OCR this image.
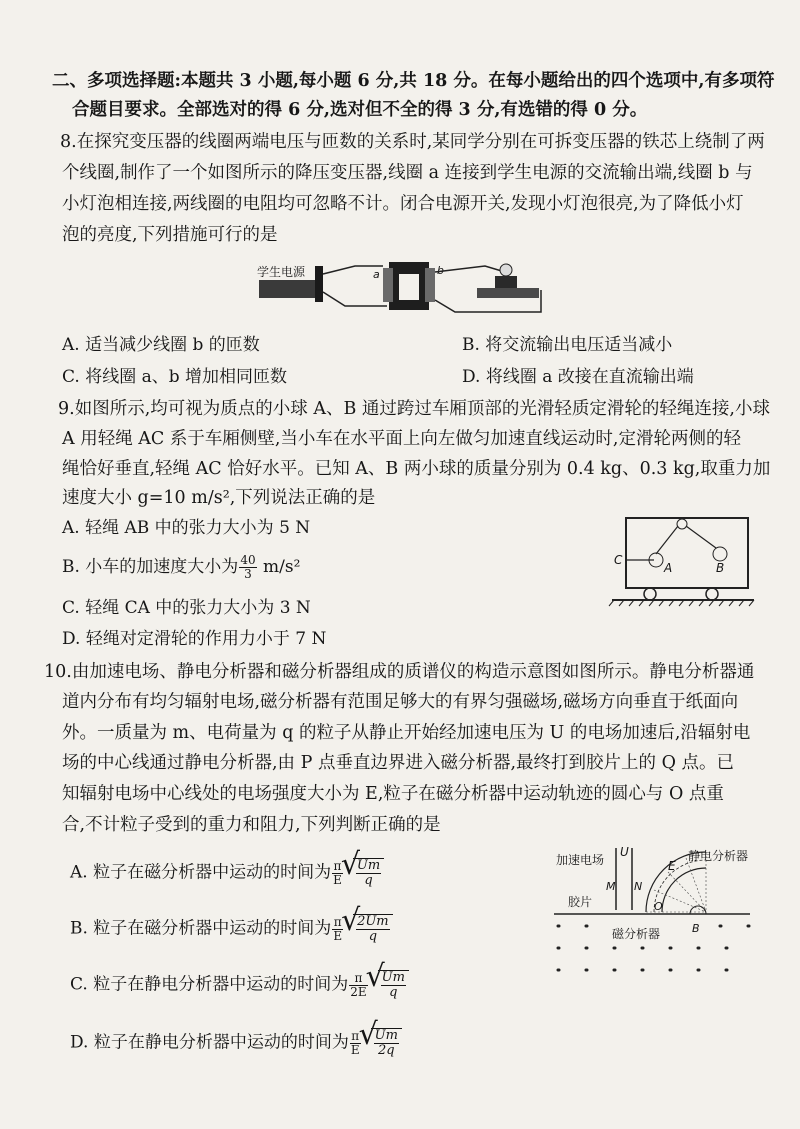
二、多项选择题:本题共 3 小题,每小题 6 分,共 18 分。在每小题给出的四个选项中,有多项符
合题目要求。全部选对的得 6 分,选对但不全的得 3 分,有选错的得 0 分。
8.在探究变压器的线圈两端电压与匝数的关系时,某同学分别在可拆变压器的铁芯上绕制了两
个线圈,制作了一个如图所示的降压变压器,线圈 a 连接到学生电源的交流输出端,线圈 b 与
小灯泡相连接,两线圈的电阻均可忽略不计。闭合电源开关,发现小灯泡很亮,为了降低小灯
泡的亮度,下列措施可行的是
学生电源	a	b
A. 适当减少线圈 b 的匝数	B. 将交流输出电压适当减小
C. 将线圈 a、b 增加相同匝数	D. 将线圈 a 改接在直流输出端
9.如图所示,均可视为质点的小球 A、B 通过跨过车厢顶部的光滑轻质定滑轮的轻绳连接,小球
A 用轻绳 AC 系于车厢侧壁,当小车在水平面上向左做匀加速直线运动时,定滑轮两侧的轻
绳恰好垂直,轻绳 AC 恰好水平。已知 A、B 两小球的质量分别为 0.4 kg、0.3 kg,取重力加
速度大小 g=10 m/s²,下列说法正确的是
A. 轻绳 AB 中的张力大小为 5 N
B. 小车的加速度大小为 $\frac{40}{3} m/s^2$
C. 轻绳 CA 中的张力大小为 3 N
D. 轻绳对定滑轮的作用力小于 7 N
C
A	B
10.由加速电场、静电分析器和磁分析器组成的质谱仪的构造示意图如图所示。静电分析器通
道内分布有均匀辐射电场,磁分析器有范围足够大的有界匀强磁场,磁场方向垂直于纸面向
外。一质量为 m、电荷量为 q 的粒子从静止开始经加速电压为 U 的电场加速后,沿辐射电
场的中心线通过静电分析器,由 P 点垂直边界进入磁分析器,最终打到胶片上的 Q 点。已
知辐射电场中心线处的电场强度大小为 E,粒子在磁分析器中运动轨迹的圆心与 O 点重
合,不计粒子受到的重力和阻力,下列判断正确的是
A. 粒子在磁分析器中运动的时间为 $\frac{\pi}{E}$ √ $\frac{Um}{q}$
B. 粒子在磁分析器中运动的时间为 $\frac{\pi}{E}$ √ $\frac{2Um}{q}$
C. 粒子在静电分析器中运动的时间为 $\frac{\pi}{2E}$ √ $\frac{Um}{q}$
D. 粒子在静电分析器中运动的时间为 $\frac{\pi}{E}$ √ $\frac{Um}{2q}$
加速电场
U
M N
E
静电分析器
胶片	O
B
磁分析器
